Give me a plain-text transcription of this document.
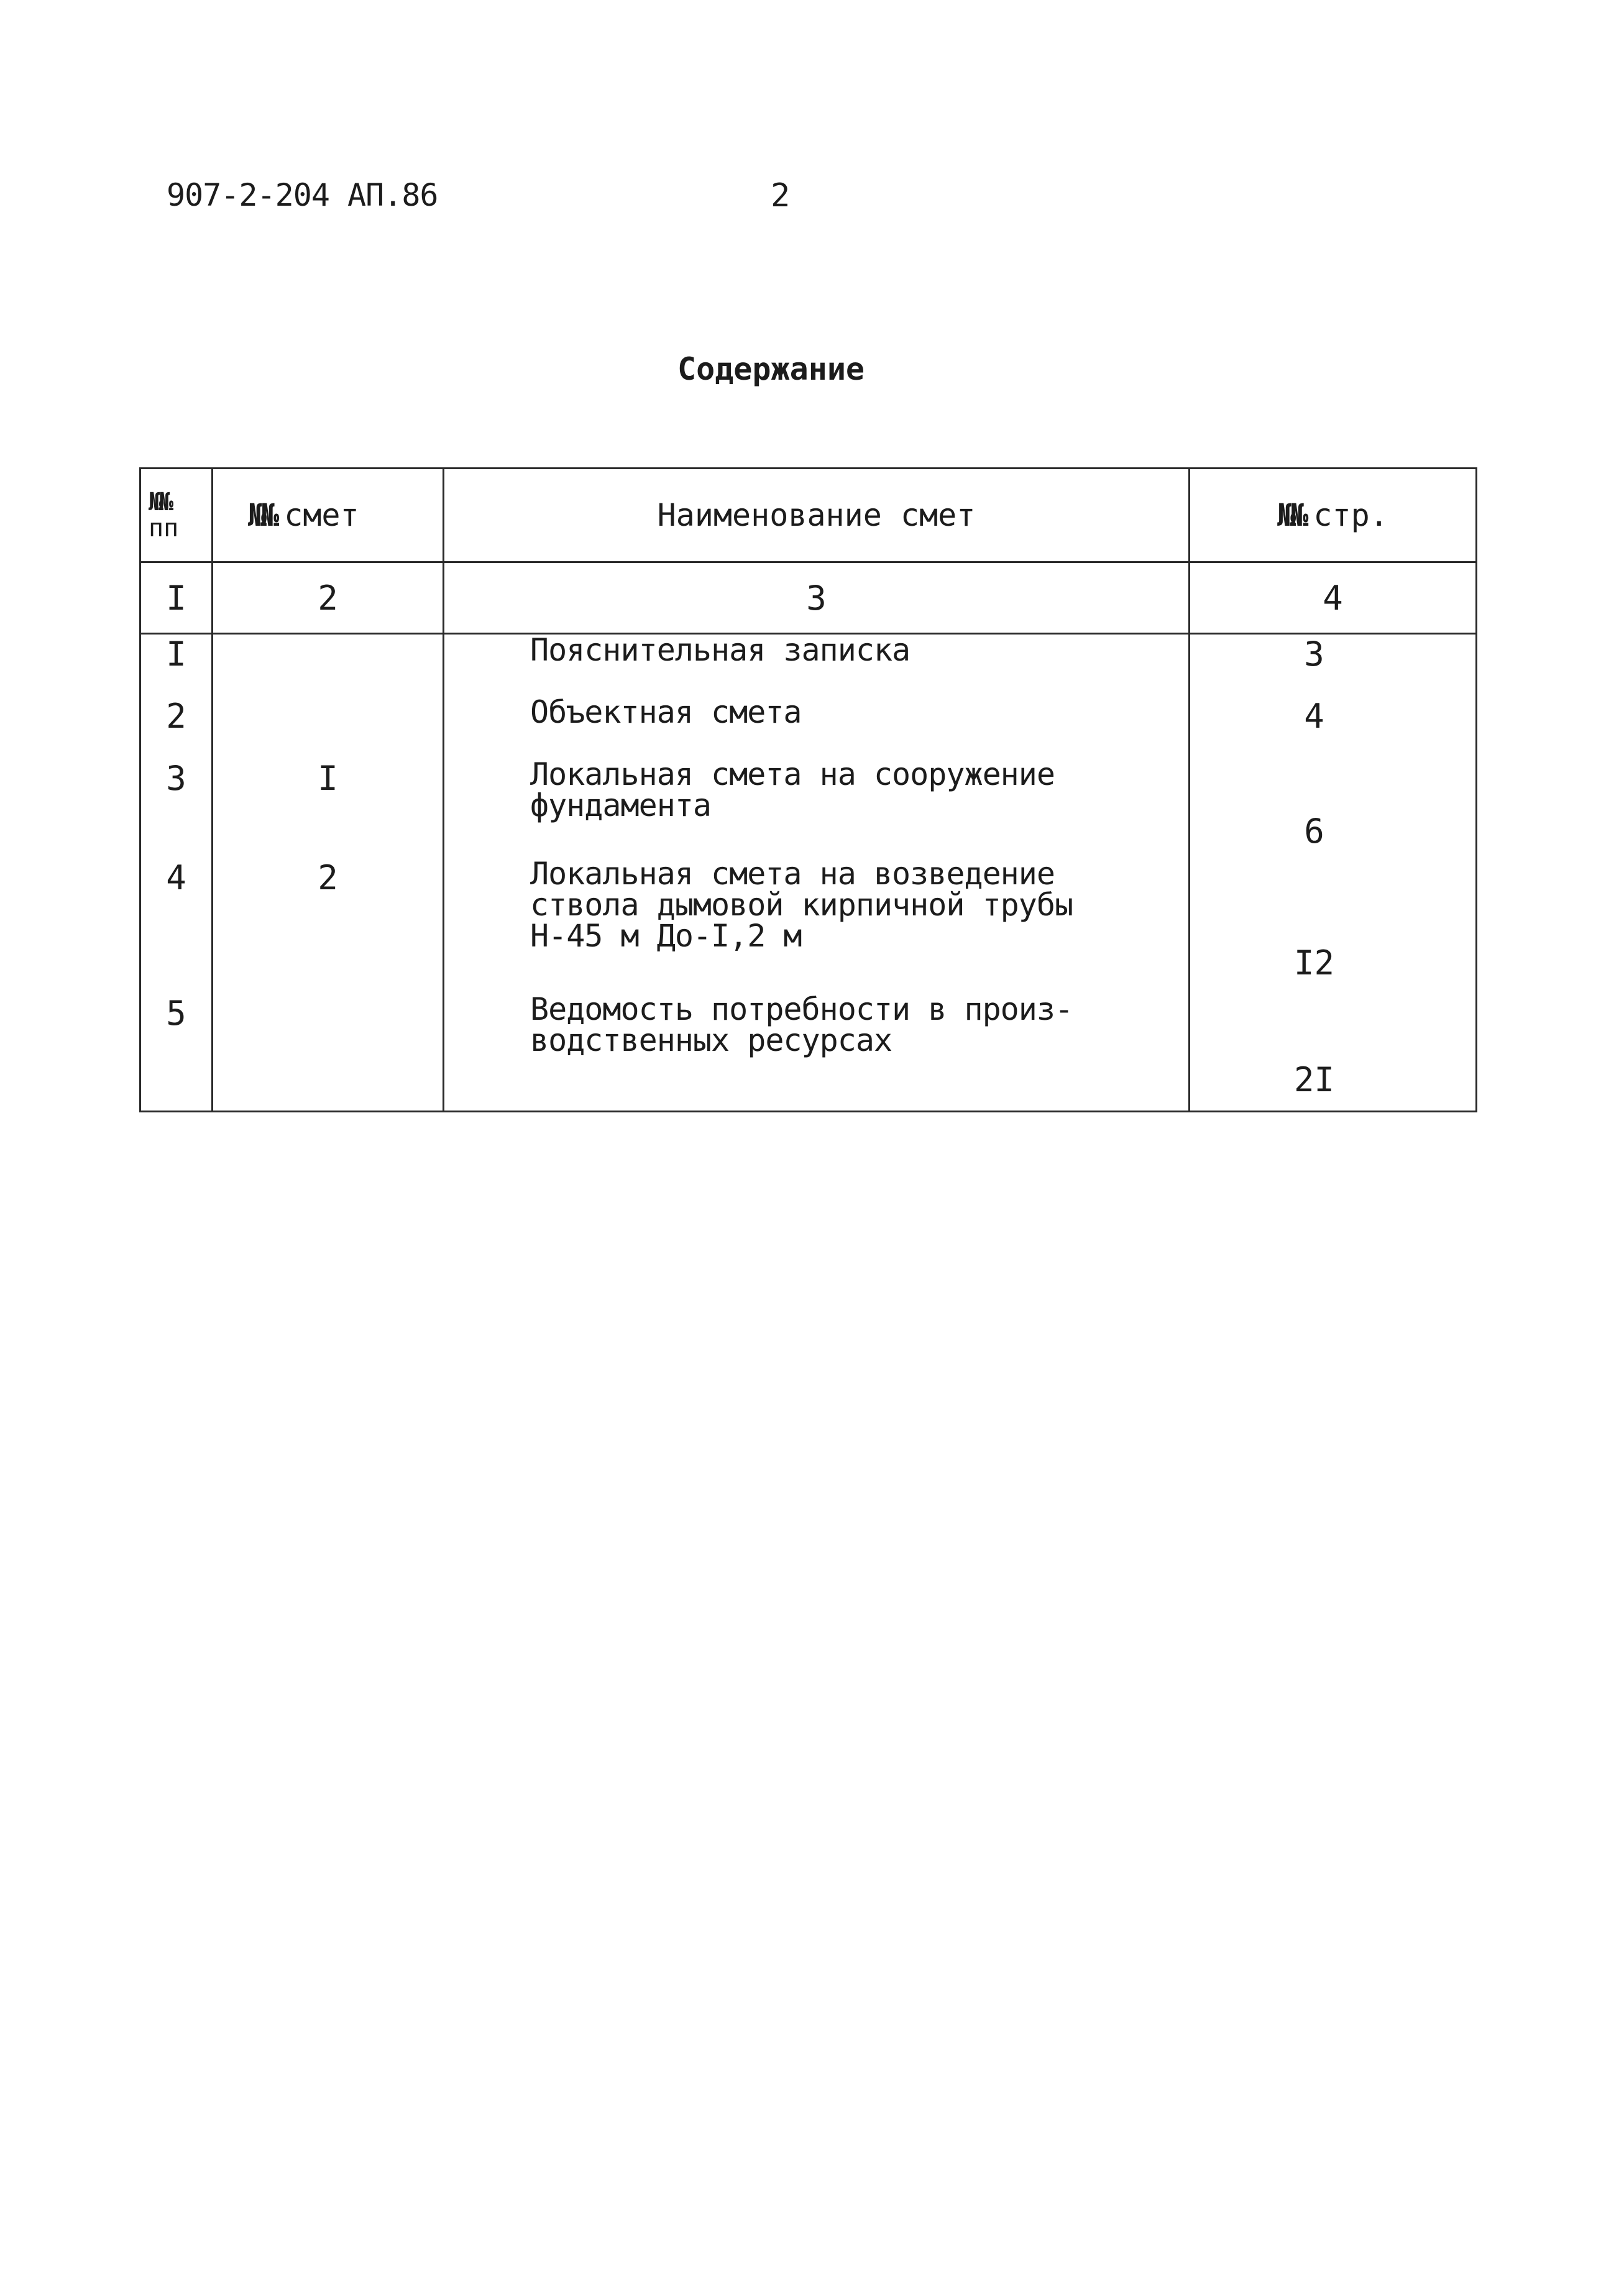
907-2-204 АП.86	2
Содержание
№№
пп	№№ смет	Наименование смет	№№ стр.
I	2	3	4
I		Пояснительная записка	3
2		Объектная смета	4
3	I	Локальная смета на сооружение
фундамента	6
4	2	Локальная смета на возведение
ствола дымовой кирпичной трубы
Н-45 м До-I,2 м	I2
5		Ведомость потребности в произ-
водственных ресурсах	2I
